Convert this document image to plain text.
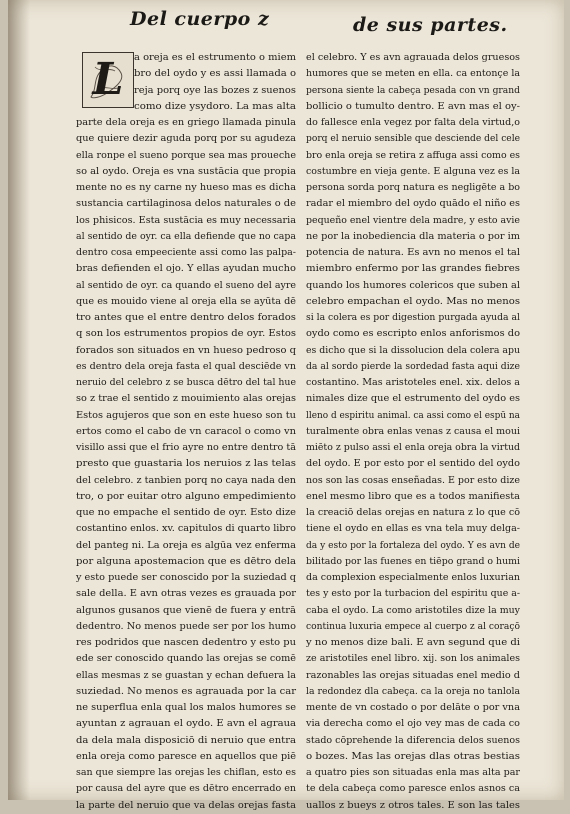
Del cuerpo z	de sus partes.
L	a oreja es el estrumento o miem
bro del oydo y es assi llamada o
reja porq oye las bozes z suenos
como dize ysydoro. La mas alta
parte dela oreja es en griego llamada pinula
que quiere dezir aguda porq por su agudeza
ella ronpe el sueno porque sea mas proueche
so al oydo. Oreja es vna sustācia que propia
mente no es ny carne ny hueso mas es dicha
sustancia cartilaginosa delos naturales o de
los phisicos. Esta sustācia es muy necessaria
al sentido de oyr. ca ella defiende que no capa
dentro cosa empeeciente assi como las palpa-
bras defienden el ojo. Y ellas ayudan mucho
al sentido de oyr. ca quando el sueno del ayre
que es mouido viene al oreja ella se ayūta dē
tro antes que el entre dentro delos forados
q son los estrumentos propios de oyr. Estos
forados son situados en vn hueso pedroso q
es dentro dela oreja fasta el qual desciēde vn
neruio del celebro z se busca dētro del tal hue
so z trae el sentido z mouimiento alas orejas
Estos agujeros que son en este hueso son tu
ertos como el cabo de vn caracol o como vn
visillo assi que el frio ayre no entre dentro tā
presto que guastaria los neruios z las telas
del celebro. z tanbien porq no caya nada den
tro, o por euitar otro alguno empedimiento
que no empache el sentido de oyr. Esto dize
costantino enlos. xv. capitulos di quarto libro
del panteg ni. La oreja es algūa vez enferma
por alguna apostemacion que es dētro dela
y esto puede ser conoscido por la suziedad q
sale della. E avn otras vezes es grauada por
algunos gusanos que vienē de fuera y entrā
dedentro. No menos puede ser por los humo
res podridos que nascen dedentro y esto pu
ede ser conoscido quando las orejas se comē
ellas mesmas z se guastan y echan defuera la
suziedad. No menos es agrauada por la car
ne superflua enla qual los malos humores se
ayuntan z agrauan el oydo. E avn el agraua
da dela mala disposiciō di neruio que entra
enla oreja como paresce en aquellos que piē
san que siempre las orejas les chiflan, esto es
por causa del ayre que es dētro encerrado en
la parte del neruio que va delas orejas fasta
el celebro. Y es avn agrauada delos gruesos
humores que se meten en ella. ca entonçe la
persona siente la cabeça pesada con vn grand
bollicio o tumulto dentro. E avn mas el oy-
do fallesce enla vegez por falta dela virtud,o
porq el neruio sensible que desciende del cele
bro enla oreja se retira z affuga assi como es
costumbre en vieja gente. E alguna vez es la
persona sorda porq natura es negligēte a bo
radar el miembro del oydo quādo el niño es
pequeño enel vientre dela madre, y esto avie
ne por la inobediencia dla materia o por im
potencia de natura. Es avn no menos el tal
miembro enfermo por las grandes fiebres
quando los humores colericos que suben al
celebro empachan el oydo. Mas no menos
si la colera es por digestion purgada ayuda al
oydo como es escripto enlos anforismos do
es dicho que si la dissolucion dela colera apu
da al sordo pierde la sordedad fasta aqui dize
costantino. Mas aristoteles enel. xix. delos a
nimales dize que el estrumento del oydo es
lleno d espiritu animal. ca assi como el espū na
turalmente obra enlas venas z causa el moui
miēto z pulso assi el enla oreja obra la virtud
del oydo. E por esto por el sentido del oydo
nos son las cosas enseñadas. E por esto dize
enel mesmo libro que es a todos manifiesta
la creaciō delas orejas en natura z lo que cō
tiene el oydo en ellas es vna tela muy delga-
da y esto por la fortaleza del oydo. Y es avn de
bilitado por las fuenes en tiēpo grand o humi
da complexion especialmente enlos luxurian
tes y esto por la turbacion del espiritu que a-
caba el oydo. La como aristotiles dize la muy
continua luxuria empece al cuerpo z al coraçō
y no menos dize bali. E avn segund que di
ze aristotiles enel libro. xij. son los animales
razonables las orejas situadas enel medio d
la redondez dla cabeça. ca la oreja no tanlola
mente de vn costado o por delāte o por vna
via derecha como el ojo vey mas de cada co
stado cōprehende la diferencia delos suenos
o bozes. Mas las orejas dlas otras bestias
a quatro pies son situadas enla mas alta par
te dela cabeça como paresce enlos asnos ca
uallos z bueys z otros tales. E son las tales
